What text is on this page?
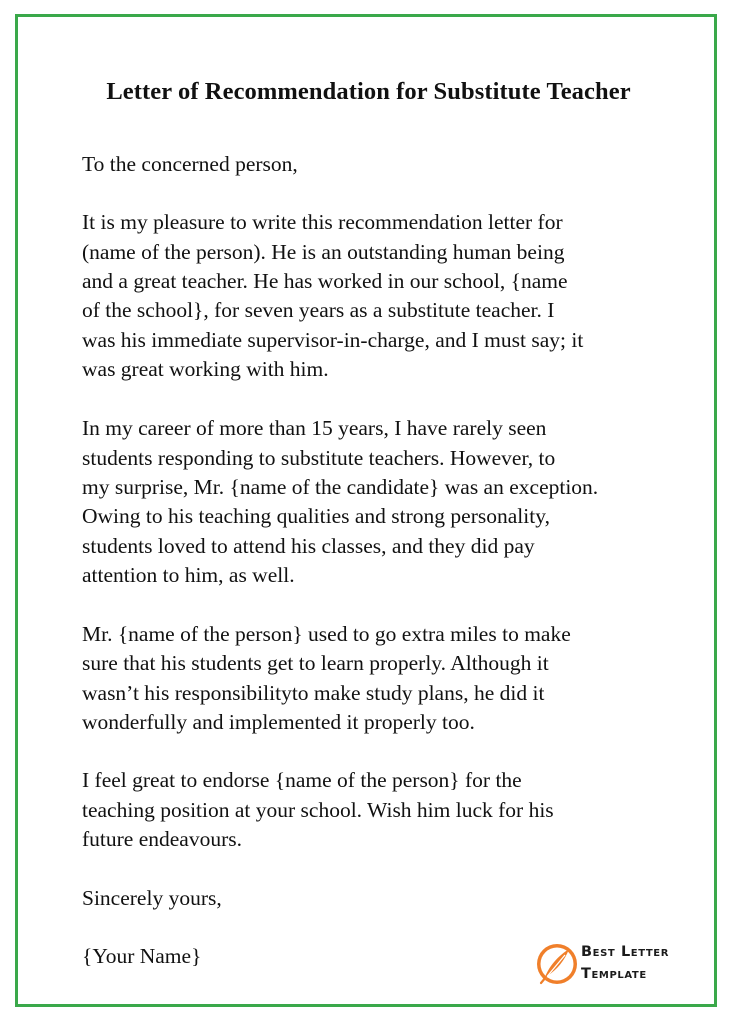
Letter of Recommendation for Substitute Teacher

To the concerned person,

It is my pleasure to write this recommendation letter for

(name of the person). He is an outstanding human being

and a great teacher. He has worked in our school, {name

of the school}, for seven years as a substitute teacher. I

was his immediate supervisor-in-charge, and I must say; it

was great working with him.

In my career of more than 15 years, I have rarely seen

students responding to substitute teachers. However, to

my surprise, Mr. {name of the candidate} was an exception.

Owing to his teaching qualities and strong personality,

students loved to attend his classes, and they did pay

attention to him, as well.

Mr. {name of the person} used to go extra miles to make

sure that his students get to learn properly. Although it

wasn’t his responsibilityto make study plans, he did it

wonderfully and implemented it properly too.

I feel great to endorse {name of the person} for the

teaching position at your school. Wish him luck for his

future endeavours.

Sincerely yours,

{Your Name}	Best Letter

Template
